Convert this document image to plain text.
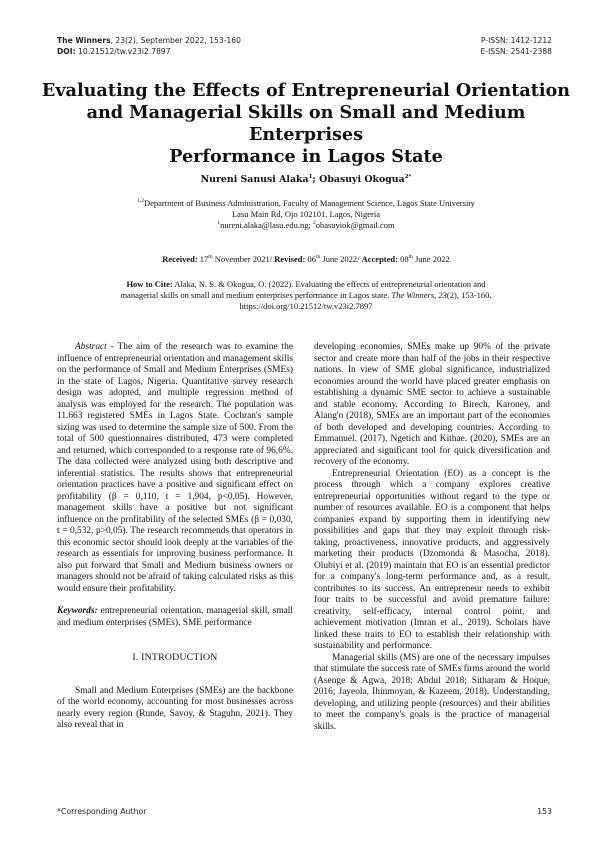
The Winners, 23(2), September 2022, 153-160
DOI: 10.21512/tw.v23i2.7897
P-ISSN: 1412-1212
E-ISSN: 2541-2388
Evaluating the Effects of Entrepreneurial Orientation
and Managerial Skills on Small and Medium Enterprises
Performance in Lagos State
Nureni Sanusi Alaka$^1$; Obasuyi Okogua$^{2*}$
$^{1,2}$Department of Business Administration, Faculty of Management Science, Lagos State University
Lasu Main Rd, Ojo 102101, Lagos, Nigeria
$^1$nureni.alaka@lasu.edu.ng; $^2$obasuyiok@gmail.com
Received: 17th November 2021/ Revised: 06th June 2022/ Accepted: 08th June 2022
How to Cite: Alaka, N. S. & Okogua, O. (2022). Evaluating the effects of entrepreneurial orientation and
managerial skills on small and medium enterprises performance in Lagos state. The Winners, 23(2), 153-160.
https://doi.org/10.21512/tw.v23i2.7897

Abstract - The aim of the research was to examine the influence of entrepreneurial orientation and management skills on the performance of Small and Medium Enterprises (SMEs) in the state of Lagos, Nigeria. Quantitative survey research design was adopted, and multiple regression method of analysis was employed for the research. The population was 11.663 registered SMEs in Lagos State. Cochran's sample sizing was used to determine the sample size of 500. From the total of 500 questionnaires distributed, 473 were completed and returned, which corresponded to a response rate of 96,6%. The data collected were analyzed using both descriptive and inferential statistics. The results shows that entrepreneurial orientation practices have a positive and significant effect on profitability (β = 0,110, t = 1,904, p<0,05). However, management skills have a positive but not significant influence on the profitability of the selected SMEs (β = 0,030, t = 0,532, p>0,05). The research recommends that operators in this economic sector should look deeply at the variables of the research as essentials for improving business performance. It also put forward that Small and Medium business owners or managers should not be afraid of taking calculated risks as this would ensure their profitability.

Keywords: entrepreneurial orientation, managerial skill, small and medium enterprises (SMEs), SME performance

I. INTRODUCTION

Small and Medium Enterprises (SMEs) are the backbone of the world economy, accounting for most businesses across nearly every region (Runde, Savoy, & Staguhn, 2021). They also reveal that in

developing economies, SMEs make up 90% of the private sector and create more than half of the jobs in their respective nations. In view of SME global significance, industrialized economies around the world have placed greater emphasis on establishing a dynamic SME sector to achieve a sustainable and stable economy. According to Birech, Karoney, and Alang'o (2018), SMEs are an important part of the economies of both developed and developing countries. According to Emmanuel. (2017), Ngetich and Kithae. (2020), SMEs are an appreciated and significant tool for quick diversification and recovery of the economy.

Entrepreneurial Orientation (EO) as a concept is the process through which a company explores creative entrepreneurial opportunities without regard to the type or number of resources available. EO is a component that helps companies expand by supporting them in identifying new possibilities and gaps that they may exploit through risk-taking, proactiveness, innovative products, and aggressively marketing their products (Dzomonda & Masocha, 2018). Olubiyi et al. (2019) maintain that EO is an essential predictor for a company's long-term performance and, as a result, contributes to its success. An entrepreneur needs to exhibit four traits to be successful and avoid premature failure: creativity, self-efficacy, internal control point, and achievement motivation (Imran et al., 2019). Scholars have linked these traits to EO to establish their relationship with sustainability and performance.

Managerial skills (MS) are one of the necessary impulses that stimulate the success rate of SMEs firms around the world (Asenge & Agwa, 2018; Abdul 2018; Sitharam & Hoque, 2016; Jayeola, Ihinmoyan, & Kazeem, 2018). Understanding, developing, and utilizing people (resources) and their abilities to meet the company's goals is the practice of managerial skills.

*Corresponding Author	153
